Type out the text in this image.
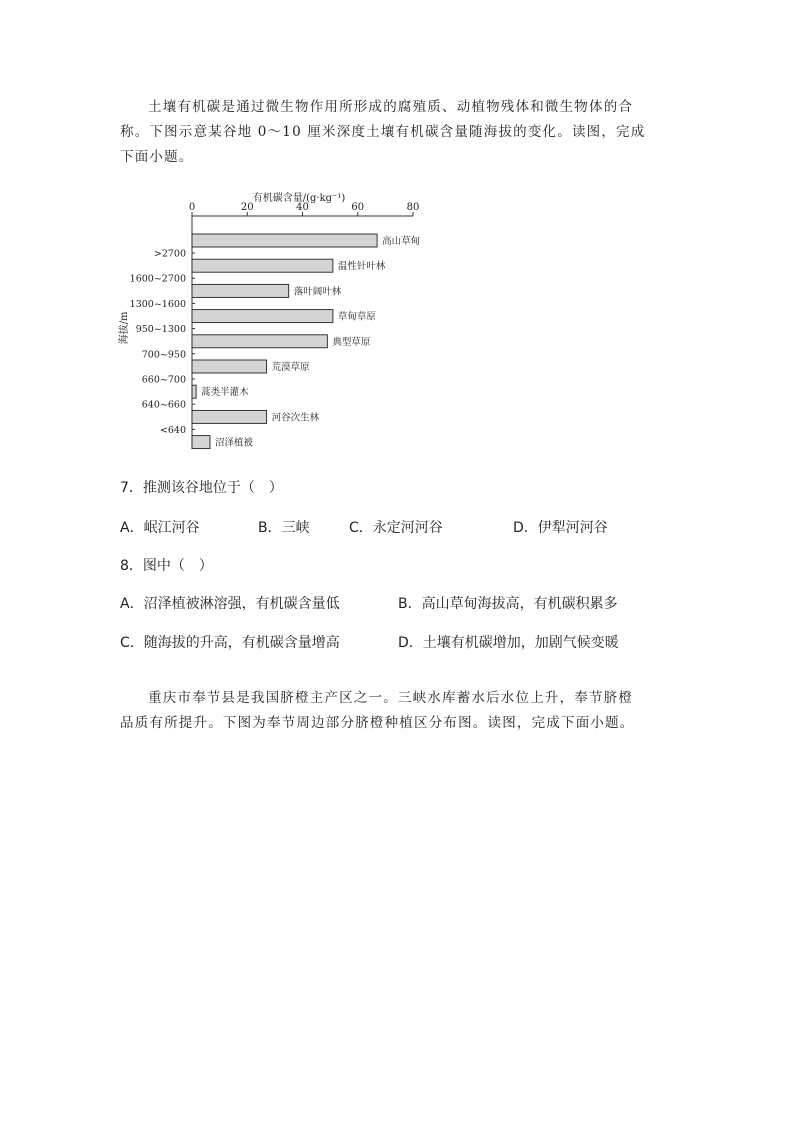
土壤有机碳是通过微生物作用所形成的腐殖质、动植物残体和微生物体的合
称。下图示意某谷地 0～10 厘米深度土壤有机碳含量随海拔的变化。读图，完成
下面小题。
有机碳含量/(g·kg⁻¹)
0	20	40	60	80
海拔/m
>2700
1600~2700
1300~1600
950~1300
700~950
660~700
640~660
<640
高山草甸
温性针叶林
落叶阔叶林
草甸草原
典型草原
荒漠草原
蒿类半灌木
河谷次生林
沼泽植被

7．推测该谷地位于（　）

A．岷江河谷	B．三峡	C．永定河河谷	D．伊犁河河谷

8．图中（　）

A．沼泽植被淋溶强，有机碳含量低	B．高山草甸海拔高，有机碳积累多
C．随海拔的升高，有机碳含量增高	D．土壤有机碳增加，加剧气候变暖
重庆市奉节县是我国脐橙主产区之一。三峡水库蓄水后水位上升，奉节脐橙
品质有所提升。下图为奉节周边部分脐橙种植区分布图。读图，完成下面小题。
